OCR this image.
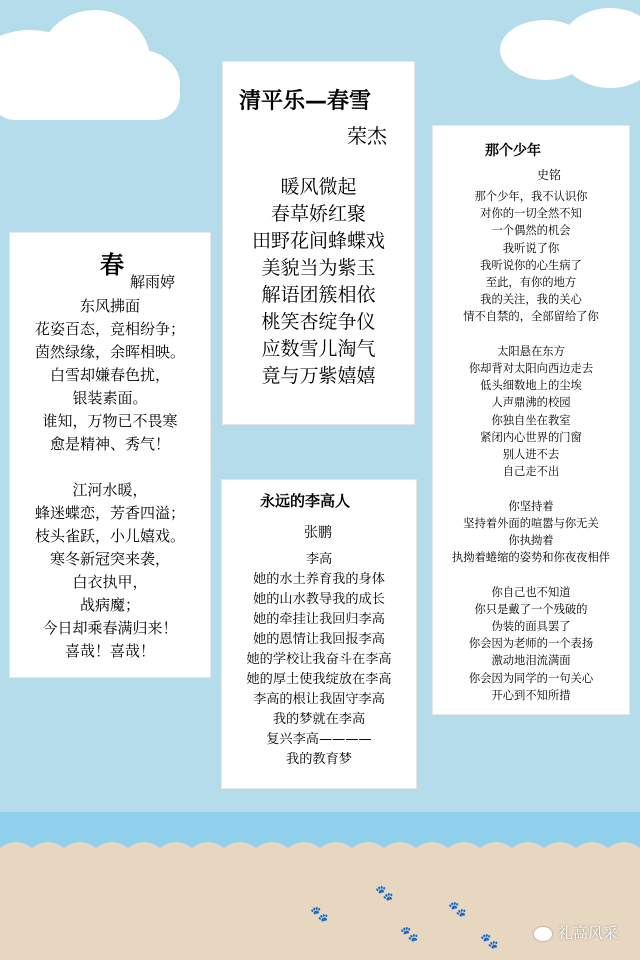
🐾
🐾
🐾
🐾
🐾
清平乐—春雪
荣杰
暖风微起
春草娇红聚
田野花间蜂蝶戏
美貌当为紫玉
解语团簇相依
桃笑杏绽争仪
应数雪儿淘气
竟与万紫嬉嬉
春
解雨婷
东风拂面
花姿百态，竞相纷争；
茵然绿缘，余晖相映。
白雪却嫌春色扰，
银装素面。
谁知，万物已不畏寒
愈是精神、秀气！

江河水暖，
蜂迷蝶恋，芳香四溢；
枝头雀跃，小儿嬉戏。
寒冬新冠突来袭，
白衣执甲，
战病魔；
今日却乘春满归来！
喜哉！喜哉！
那个少年
史铭
那个少年，我不认识你
对你的一切全然不知
一个偶然的机会
我听说了你
我听说你的心生病了
至此，有你的地方
我的关注，我的关心
情不自禁的，全部留给了你

太阳悬在东方
你却背对太阳向西边走去
低头细数地上的尘埃
人声鼎沸的校园
你独自坐在教室
紧闭内心世界的门窗
别人进不去
自己走不出

你坚持着
坚持着外面的喧嚣与你无关
你执拗着
执拗着蜷缩的姿势和你夜夜相伴

你自己也不知道
你只是戴了一个残破的
伪装的面具罢了
你会因为老师的一个表扬
激动地泪流满面
你会因为同学的一句关心
开心到不知所措
永远的李高人
张鹏
李高
她的水土养育我的身体
她的山水教导我的成长
她的牵挂让我回归李高
她的恩情让我回报李高
她的学校让我奋斗在李高
她的厚土使我绽放在李高
李高的根让我固守李高
我的梦就在李高
复兴李高————
我的教育梦
礼高风采
